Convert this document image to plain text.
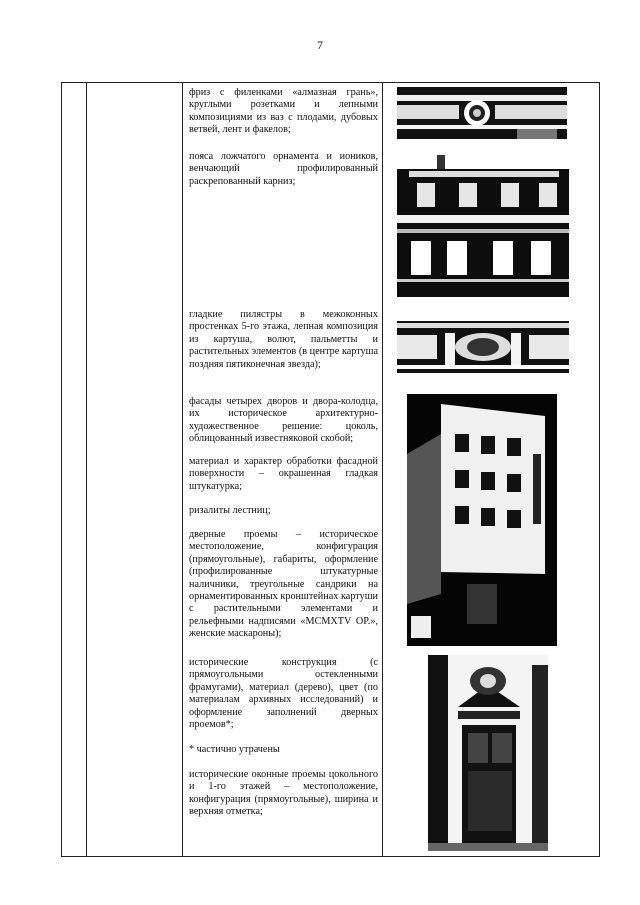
7
фриз с филенками «алмазная грань», круглыми розетками и лепными композициями из ваз с плодами, дубовых ветвей, лент и факелов;
пояса ложчатого орнамента и иоников, венчающий профилированный раскрепованный карниз;
гладкие пилястры в межоконных простенках 5-го этажа, лепная композиция из картуша, волют, пальметты и растительных элементов (в центре картуша поздняя пятиконечная звезда);
фасады четырех дворов и двора-колодца, их историческое архитектурно-художественное решение: цоколь, облицованный известняковой скобой;
материал и характер обработки фасадной поверхности – окрашенная гладкая штукатурка;
ризалиты лестниц;
дверные проемы – историческое местоположение, конфигурация (прямоугольные), габариты, оформление (профилированные штукатурные наличники, треугольные сандрики на орнаментированных кронштейнах картуши с растительными элементами и рельефными надписями «MCMXTV OP.», женские маскароны);
исторические конструкция (с прямоугольными остекленными фрамугами), материал (дерево), цвет (по материалам архивных исследований) и оформление заполнений дверных проемов*;
* частично утрачены
исторические оконные проемы цокольного и 1-го этажей – местоположение, конфигурация (прямоугольные), ширина и верхняя отметка;
